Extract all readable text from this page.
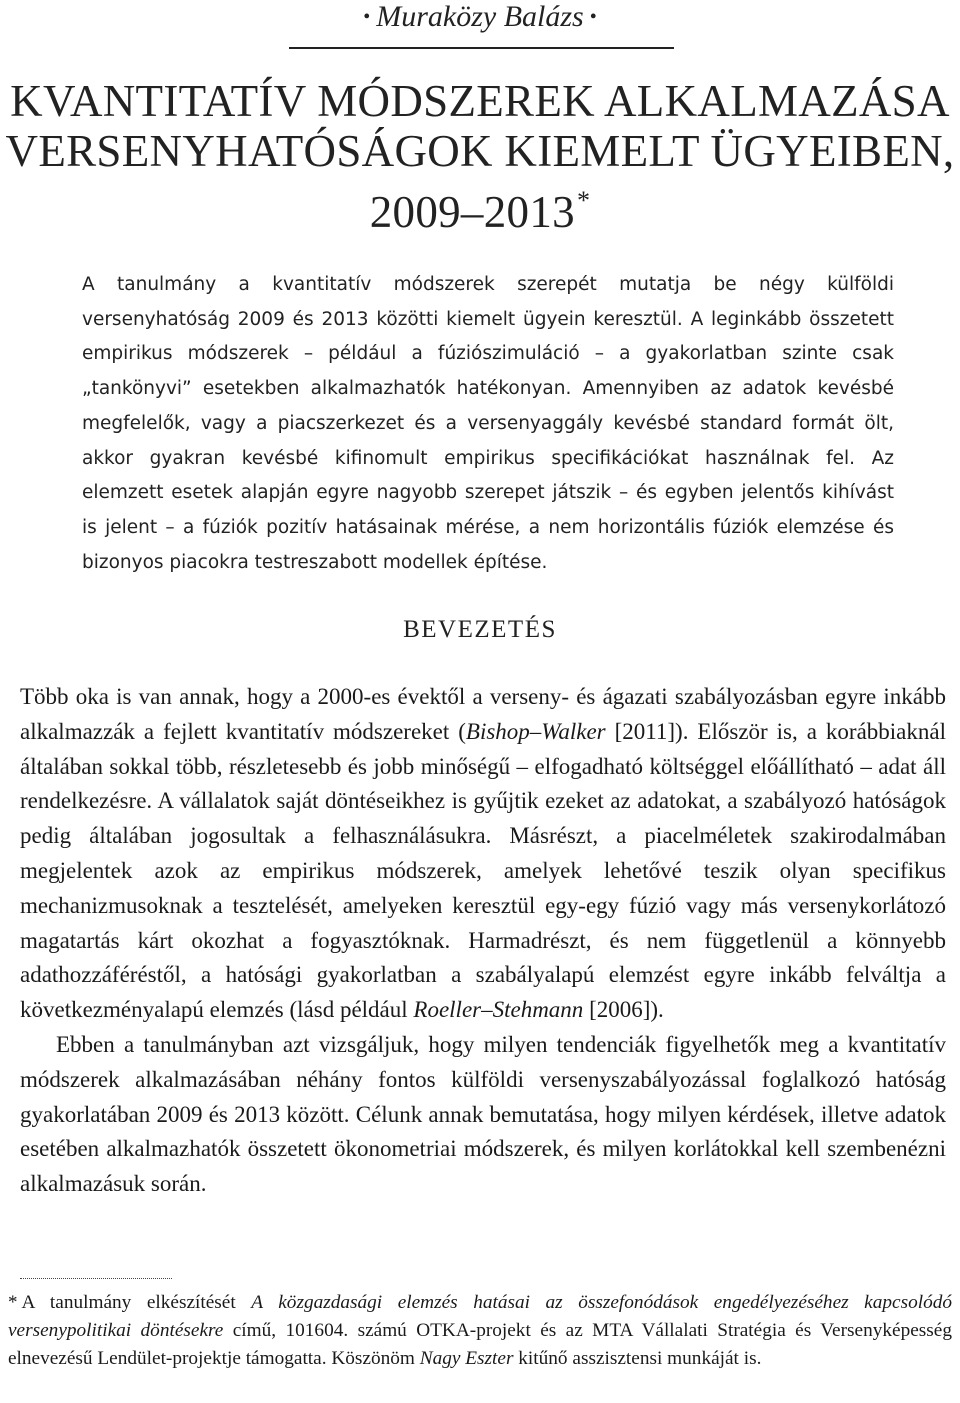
• Muraközy Balázs •
KVANTITATÍV MÓDSZEREK ALKALMAZÁSA
VERSENYHATÓSÁGOK KIEMELT ÜGYEIBEN,
2009–2013*

A tanulmány a kvantitatív módszerek szerepét mutatja be négy külföldi versenyhatóság 2009 és 2013 közötti kiemelt ügyein keresztül. A leginkább összetett empirikus módszerek – például a fúziószimuláció – a gyakorlatban szinte csak „tankönyvi” esetekben alkalmazhatók hatékonyan. Amennyiben az adatok kevésbé megfelelők, vagy a piacszerkezet és a versenyaggály kevésbé standard formát ölt, akkor gyakran kevésbé kifinomult empirikus specifikációkat használnak fel. Az elemzett esetek alapján egyre nagyobb szerepet játszik – és egyben jelentős kihívást is jelent – a fúziók pozitív hatásainak mérése, a nem horizontális fúziók elemzése és bizonyos piacokra testreszabott modellek építése.

BEVEZETÉS

Több oka is van annak, hogy a 2000-es évektől a verseny- és ágazati szabályozásban egyre inkább alkalmazzák a fejlett kvantitatív módszereket (Bishop–Walker [2011]). Először is, a korábbiaknál általában sokkal több, részletesebb és jobb minőségű – elfogadható költséggel előállítható – adat áll rendelkezésre. A vállalatok saját döntéseikhez is gyűjtik ezeket az adatokat, a szabályozó hatóságok pedig általában jogosultak a felhasználásukra. Másrészt, a piacelméletek szakirodalmában megjelentek azok az empirikus módszerek, amelyek lehetővé teszik olyan specifikus mechanizmusoknak a tesztelését, amelyeken keresztül egy-egy fúzió vagy más versenykorlátozó magatartás kárt okozhat a fogyasztóknak. Harmadrészt, és nem függetlenül a könnyebb adathozzáféréstől, a hatósági gyakorlatban a szabályalapú elemzést egyre inkább felváltja a következményalapú elemzés (lásd például Roeller–Stehmann [2006]).

Ebben a tanulmányban azt vizsgáljuk, hogy milyen tendenciák figyelhetők meg a kvantitatív módszerek alkalmazásában néhány fontos külföldi versenyszabályozással foglalkozó hatóság gyakorlatában 2009 és 2013 között. Célunk annak bemutatása, hogy milyen kérdések, illetve adatok esetében alkalmazhatók összetett ökonometriai módszerek, és milyen korlátokkal kell szembenézni alkalmazásuk során.

* A tanulmány elkészítését A közgazdasági elemzés hatásai az összefonódások engedélyezéséhez kapcsolódó versenypolitikai döntésekre című, 101604. számú OTKA-projekt és az MTA Vállalati Stratégia és Versenyképesség elnevezésű Lendület-projektje támogatta. Köszönöm Nagy Eszter kitűnő asszisztensi munkáját is.
